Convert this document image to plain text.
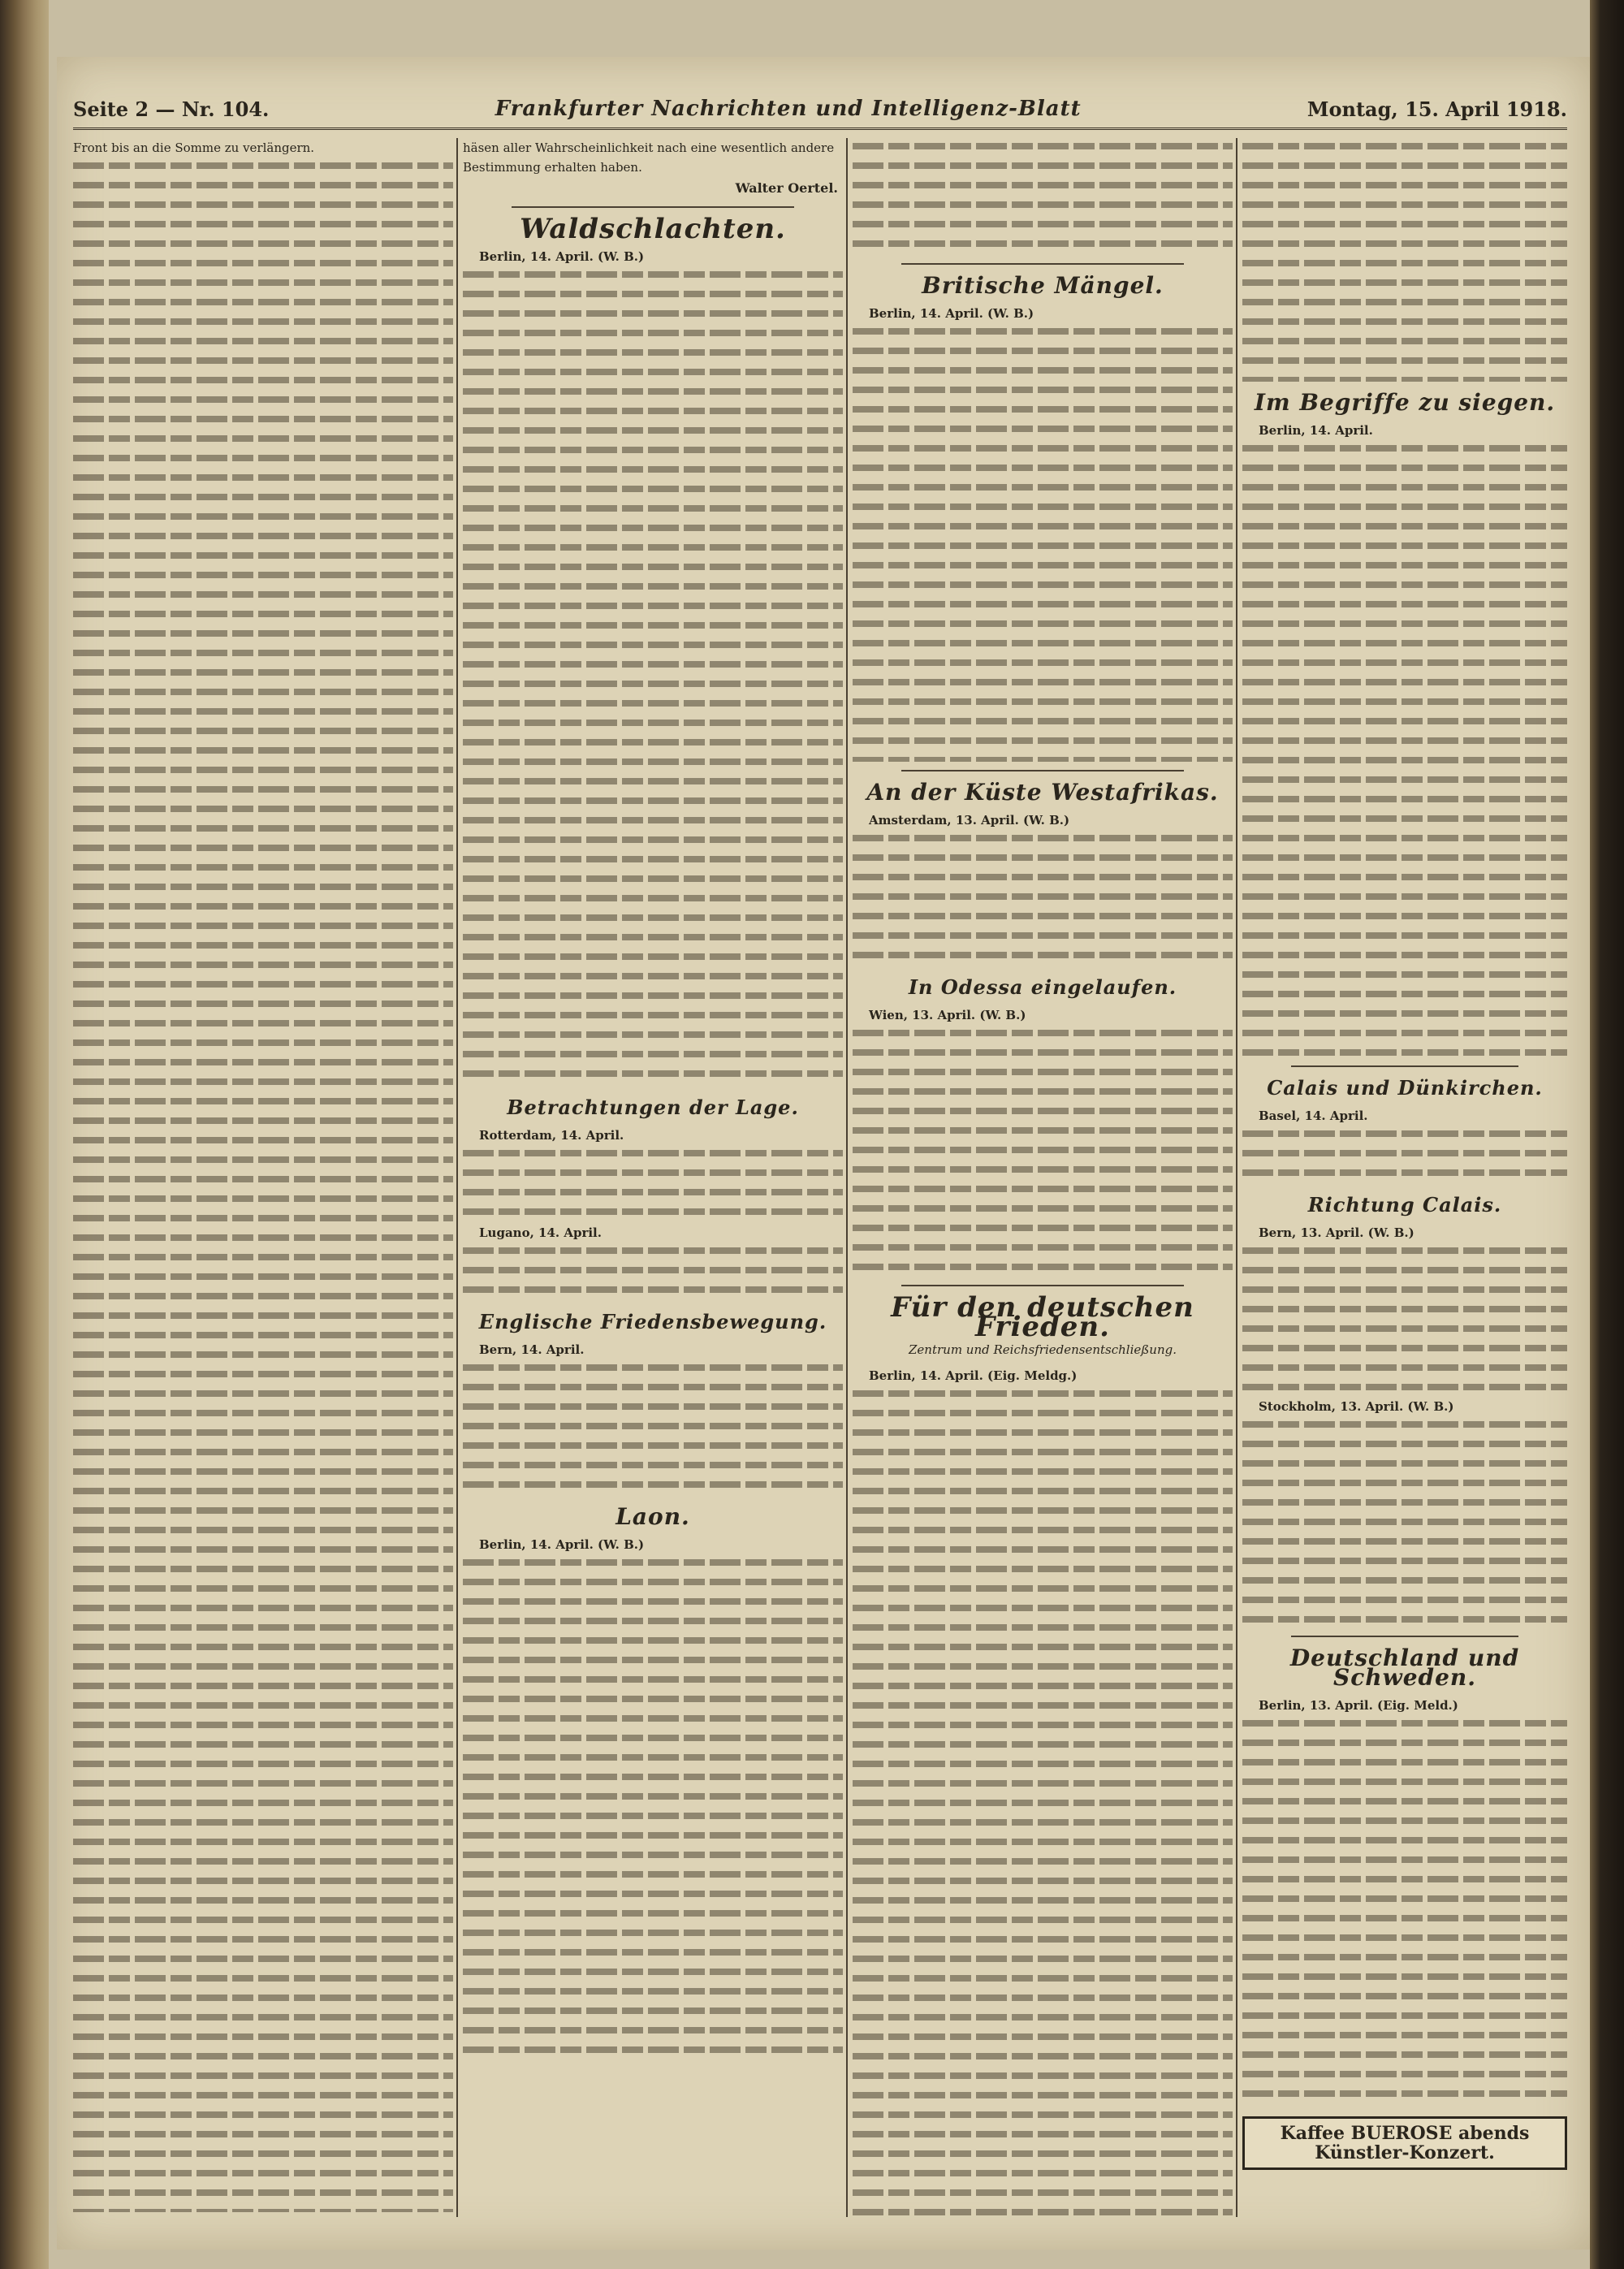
Seite 2 — Nr. 104.	Frankfurter Nachrichten und Intelligenz-Blatt	Montag, 15. April 1918.

Front bis an die Somme zu verlängern.	häsen aller Wahrscheinlichkeit nach eine wesentlich andere Bestimmung erhalten haben.

Walter Oertel.
Waldschlachten.
Berlin, 14. April. (W. B.)
Betrachtungen der Lage.
Rotterdam, 14. April.
Lugano, 14. April.
Englische Friedensbewegung.
Bern, 14. April.
Laon.
Berlin, 14. April. (W. B.)
Britische Mängel.
Berlin, 14. April. (W. B.)
An der Küste Westafrikas.
Amsterdam, 13. April. (W. B.)
In Odessa eingelaufen.
Wien, 13. April. (W. B.)
Für den deutschen Frieden.
Zentrum und Reichsfriedensentschließung.
Berlin, 14. April. (Eig. Meldg.)
Im Begriffe zu siegen.
Berlin, 14. April.
Calais und Dünkirchen.
Basel, 14. April.
Richtung Calais.
Bern, 13. April. (W. B.)
Stockholm, 13. April. (W. B.)
Deutschland und Schweden.
Berlin, 13. April. (Eig. Meld.)
Kaffee BUEROSE abends Künstler-Konzert.
